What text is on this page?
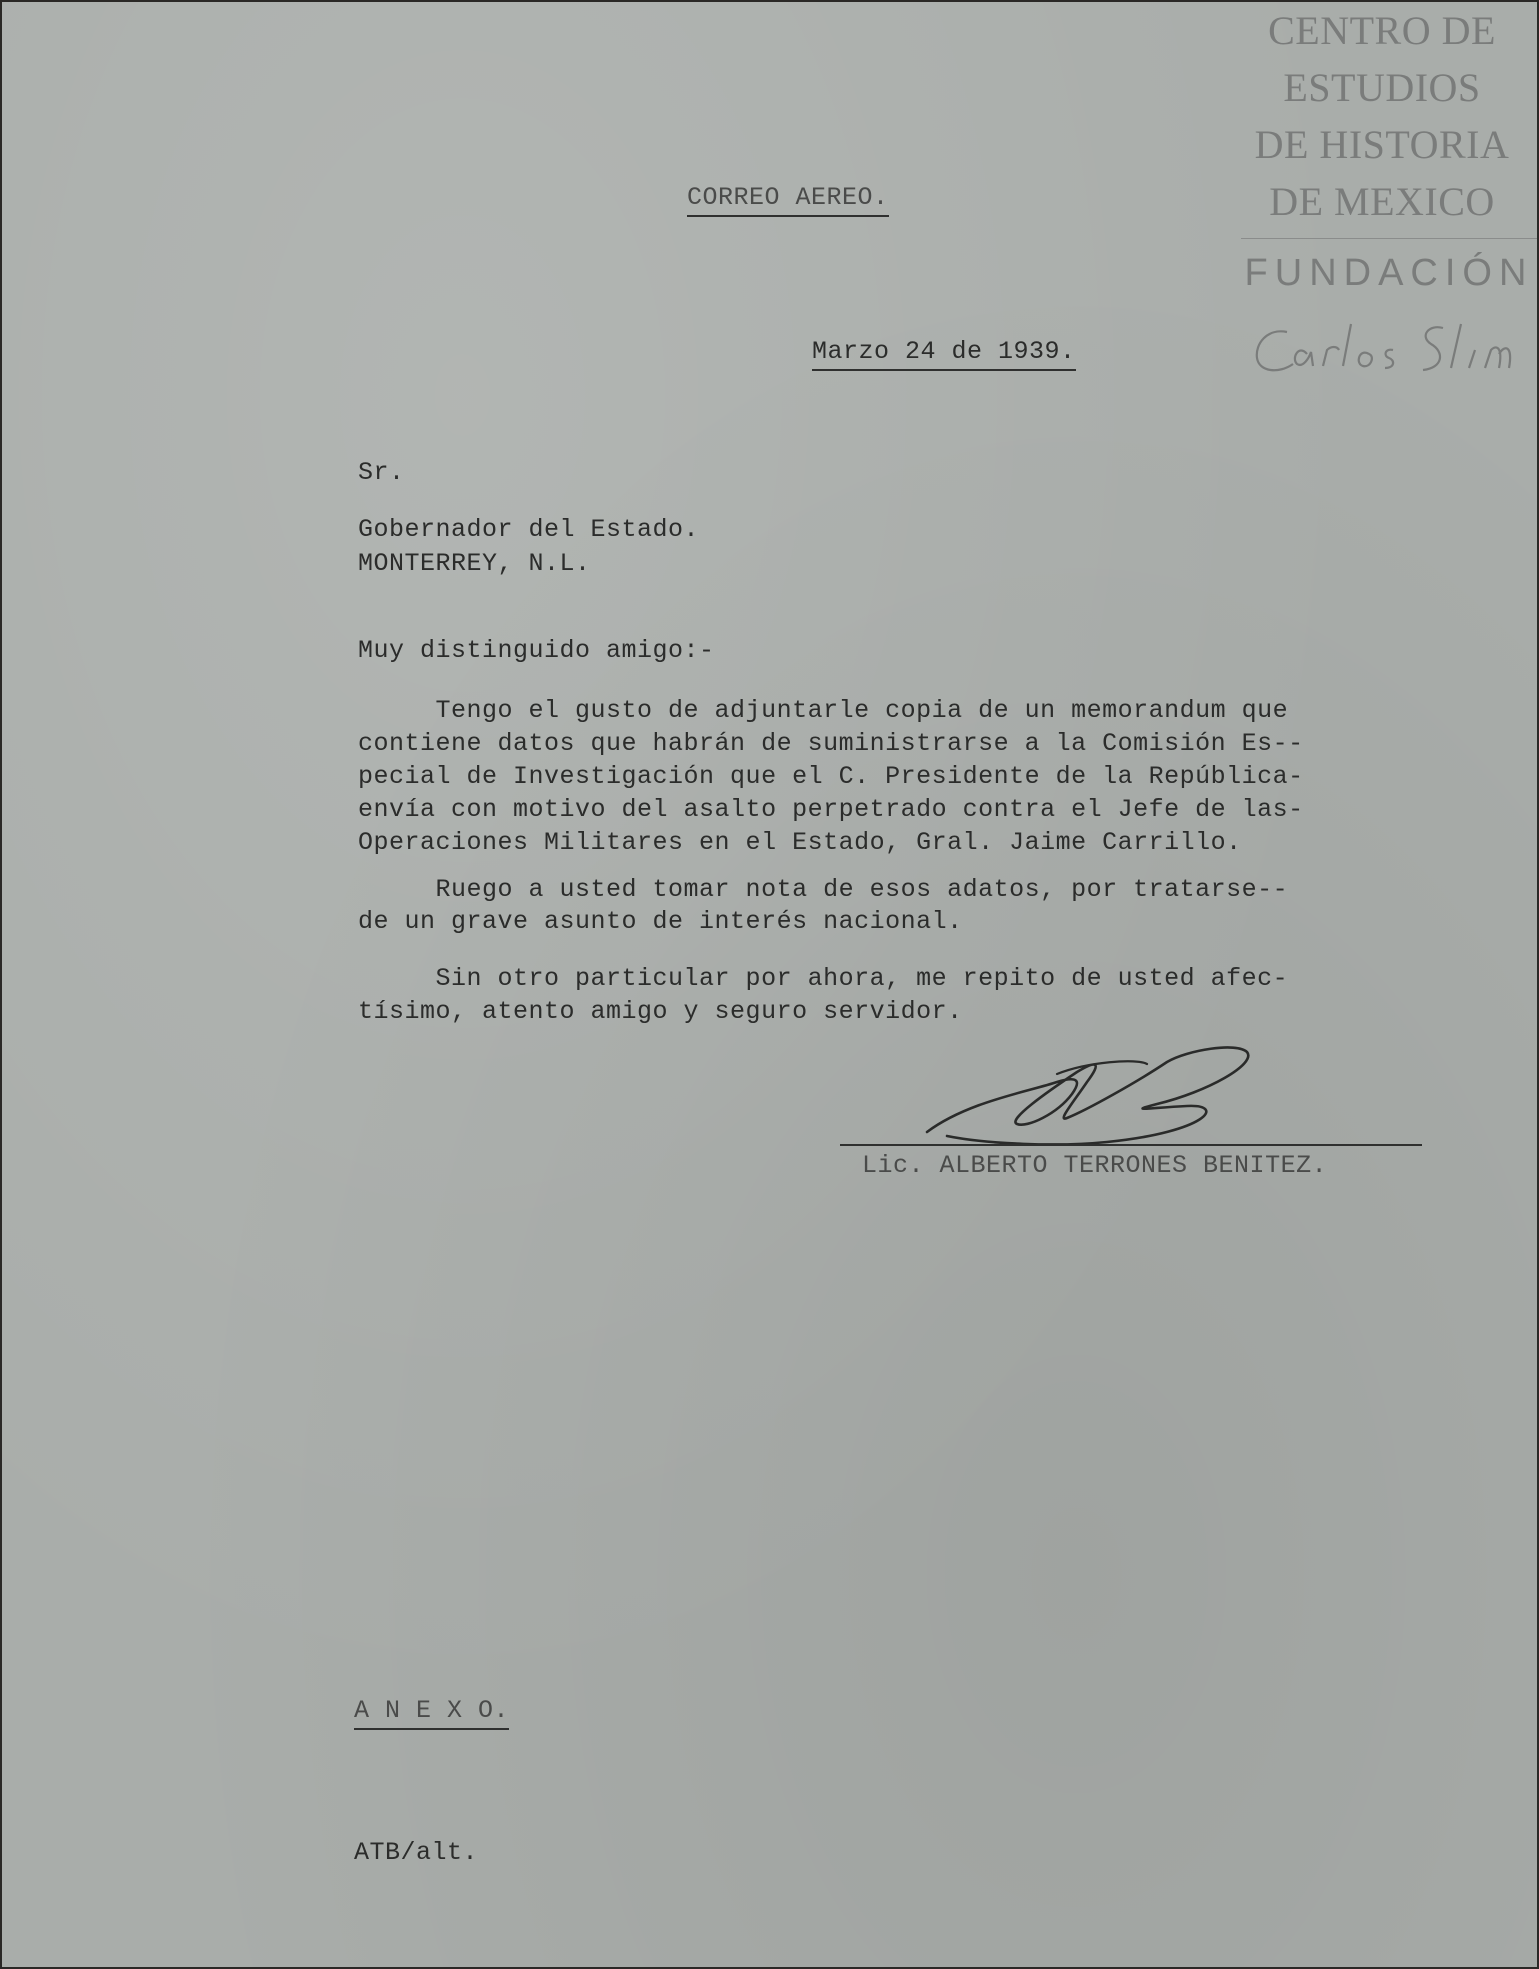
CENTRO DE
ESTUDIOS
DE HISTORIA
DE MEXICO
FUNDACIÓN
CORREO AEREO.
Marzo 24 de 1939.
Sr.
Gobernador del Estado.
MONTERREY, N.L.
Muy distinguido amigo:-
Tengo el gusto de adjuntarle copia de un memorandum que
contiene datos que habrán de suministrarse a la Comisión Es--
pecial de Investigación que el C. Presidente de la República-
envía con motivo del asalto perpetrado contra el Jefe de las-
Operaciones Militares en el Estado, Gral. Jaime Carrillo.
Ruego a usted tomar nota de esos adatos, por tratarse--
de un grave asunto de interés nacional.
Sin otro particular por ahora, me repito de usted afec-
tísimo, atento amigo y seguro servidor.
Lic. ALBERTO TERRONES BENITEZ.
A N E X O.
ATB/alt.
